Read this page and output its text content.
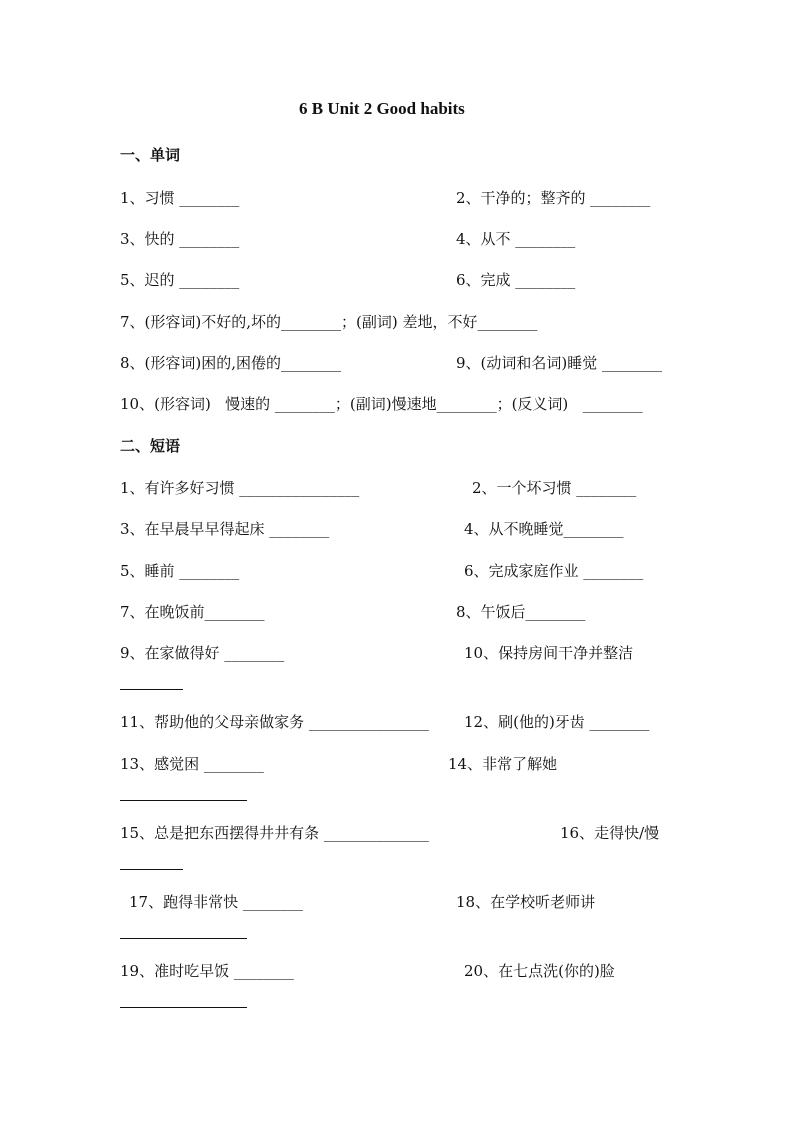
6 B Unit 2 Good habits
一、单词
1、习惯 ________	2、干净的；整齐的 ________
3、快的 ________	4、从不 ________
5、迟的 ________	6、完成 ________
7、(形容词)不好的,坏的________；(副词) 差地，不好________
8、(形容词)困的,困倦的________	9、(动词和名词)睡觉 ________
10、(形容词)   慢速的 ________；(副词)慢速地________；(反义词)   ________
二、短语
1、有许多好习惯 ________________	2、一个坏习惯 ________
3、在早晨早早得起床 ________	4、从不晚睡觉________
5、睡前 ________	6、完成家庭作业 ________
7、在晚饭前________	8、午饭后________
9、在家做得好 ________	10、保持房间干净并整洁
11、帮助他的父母亲做家务 ________________ 12、刷(他的)牙齿 ________
13、感觉困 ________	14、非常了解她
15、总是把东西摆得井井有条 ______________	16、走得快/慢
17、跑得非常快 ________	18、在学校听老师讲
19、准时吃早饭 ________	20、在七点洗(你的)脸
